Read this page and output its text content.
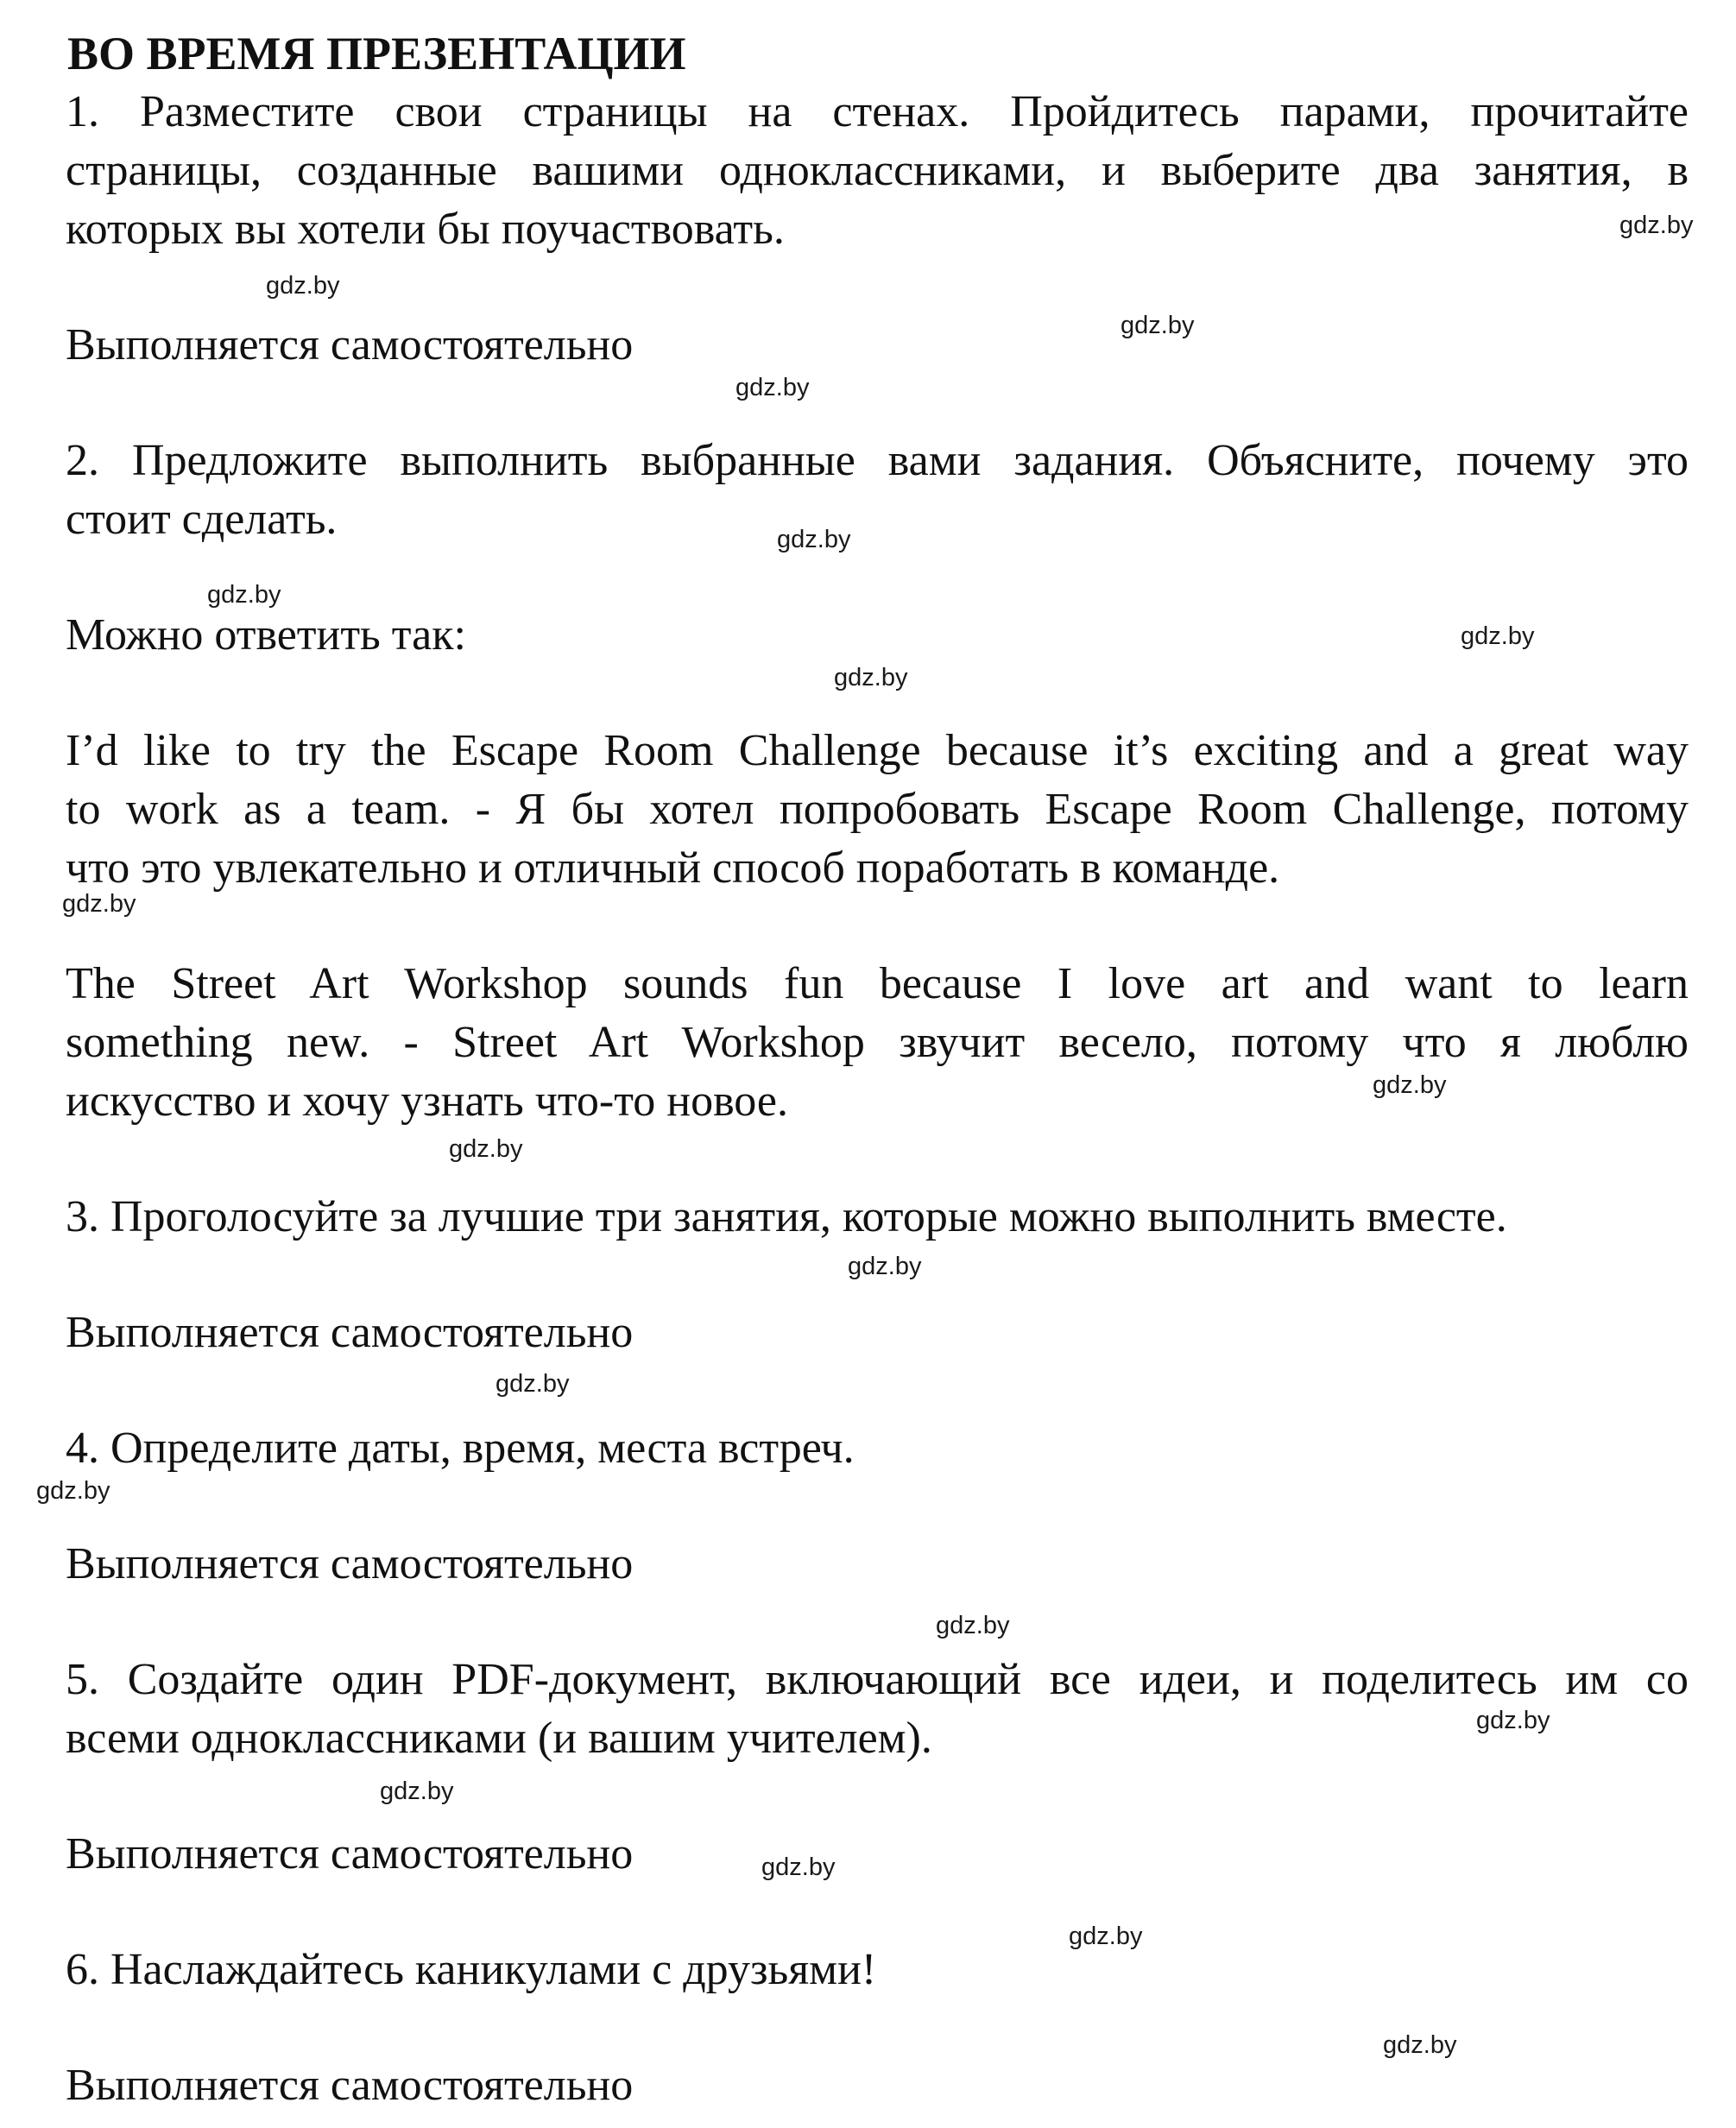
ВО ВРЕМЯ ПРЕЗЕНТАЦИИ
1. Разместите свои страницы на стенах. Пройдитесь парами, прочитайте
страницы, созданные вашими одноклассниками, и выберите два занятия, в
которых вы хотели бы поучаствовать.
Выполняется самостоятельно
2. Предложите выполнить выбранные вами задания. Объясните, почему это
стоит сделать.
Можно ответить так:
I’d like to try the Escape Room Challenge because it’s exciting and a great way
to work as a team. - Я бы хотел попробовать Escape Room Challenge, потому
что это увлекательно и отличный способ поработать в команде.
The Street Art Workshop sounds fun because I love art and want to learn
something new. - Street Art Workshop звучит весело, потому что я люблю
искусство и хочу узнать что-то новое.
3. Проголосуйте за лучшие три занятия, которые можно выполнить вместе.
Выполняется самостоятельно
4. Определите даты, время, места встреч.
Выполняется самостоятельно
5. Создайте один PDF-документ, включающий все идеи, и поделитесь им со
всеми одноклассниками (и вашим учителем).
Выполняется самостоятельно
6. Наслаждайтесь каникулами с друзьями!
Выполняется самостоятельно
gdz.by
gdz.by
gdz.by
gdz.by
gdz.by
gdz.by
gdz.by
gdz.by
gdz.by
gdz.by
gdz.by
gdz.by
gdz.by
gdz.by
gdz.by
gdz.by
gdz.by
gdz.by
gdz.by
gdz.by
